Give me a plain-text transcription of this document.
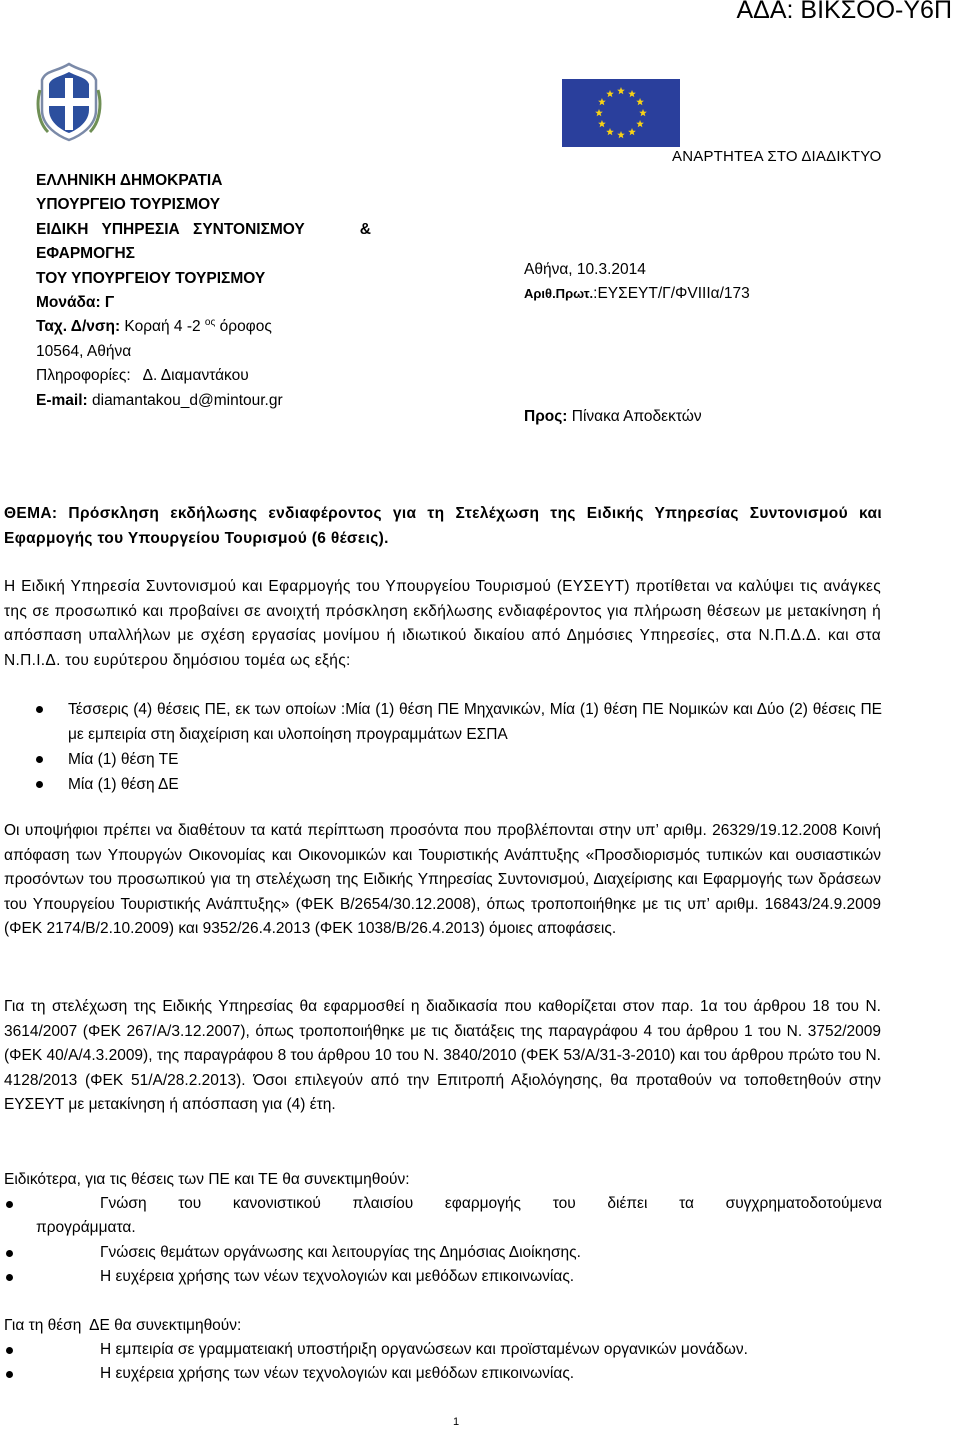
ΑΔΑ: ΒΙΚΣΟΟ-Υ6Π
ΕΛΛΗΝΙΚΗ ΔΗΜΟΚΡΑΤΙΑ
ΥΠΟΥΡΓΕΙΟ ΤΟΥΡΙΣΜΟΥ
ΕΙΔΙΚΗ ΥΠΗΡΕΣΙΑ ΣΥΝΤΟΝΙΣΜΟΥ	&
ΕΦΑΡΜΟΓΗΣ
ΤΟΥ ΥΠΟΥΡΓΕΙΟΥ ΤΟΥΡΙΣΜΟΥ
Μονάδα: Γ
Ταχ. Δ/νση: Κοραή 4 -2 $^{o\varsigma}$ όροφος
10564, Αθήνα
Πληροφορίες:   Δ. Διαμαντάκου
E-mail: diamantakou_d@mintour.gr
ΑΝΑΡΤΗΤΕΑ ΣΤΟ ΔΙΑΔΙΚΤΥΟ
Αθήνα, 10.3.2014
Αριθ.Πρωτ.:ΕΥΣΕΥΤ/Γ/ΦVIIIα/173
Προς: Πίνακα Αποδεκτών
ΘΕΜΑ: Πρόσκληση εκδήλωσης ενδιαφέροντος για τη Στελέχωση της Ειδικής Υπηρεσίας Συντονισμού και Εφαρμογής του Υπουργείου Τουρισμού (6 θέσεις).
Η Ειδική Υπηρεσία Συντονισμού και Εφαρμογής του Υπουργείου Τουρισμού (ΕΥΣΕΥΤ) προτίθεται να καλύψει τις ανάγκες της σε προσωπικό και προβαίνει σε ανοιχτή πρόσκληση εκδήλωσης ενδιαφέροντος για πλήρωση θέσεων με μετακίνηση ή απόσπαση υπαλλήλων με σχέση εργασίας μονίμου ή ιδιωτικού δικαίου από Δημόσιες Υπηρεσίες, στα Ν.Π.Δ.Δ. και στα Ν.Π.Ι.Δ. του ευρύτερου δημόσιου τομέα ως εξής:
Τέσσερις (4) θέσεις ΠΕ, εκ των οποίων :Μία (1) θέση ΠΕ Μηχανικών, Μία (1) θέση ΠΕ Νομικών και Δύο (2) θέσεις ΠΕ με εμπειρία στη διαχείριση και υλοποίηση προγραμμάτων ΕΣΠΑ
Μία (1) θέση ΤΕ
Μία (1) θέση ΔΕ
Οι υποψήφιοι πρέπει να διαθέτουν τα κατά περίπτωση προσόντα που προβλέπονται στην υπ’ αριθμ. 26329/19.12.2008 Κοινή απόφαση των Υπουργών Οικονομίας και Οικονομικών και Τουριστικής Ανάπτυξης «Προσδιορισμός τυπικών και ουσιαστικών προσόντων του προσωπικού για τη στελέχωση της Ειδικής Υπηρεσίας Συντονισμού, Διαχείρισης και Εφαρμογής των δράσεων του Υπουργείου Τουριστικής Ανάπτυξης» (ΦΕΚ Β/2654/30.12.2008), όπως τροποποιήθηκε με τις υπ’ αριθμ. 16843/24.9.2009 (ΦΕΚ 2174/Β/2.10.2009) και 9352/26.4.2013 (ΦΕΚ 1038/Β/26.4.2013) όμοιες αποφάσεις.
Για τη στελέχωση της Ειδικής Υπηρεσίας θα εφαρμοσθεί η διαδικασία που καθορίζεται στον παρ. 1α του άρθρου 18 του Ν. 3614/2007 (ΦΕΚ 267/Α/3.12.2007), όπως τροποποιήθηκε με τις διατάξεις της παραγράφου 4 του άρθρου 1 του Ν. 3752/2009 (ΦΕΚ 40/Α/4.3.2009), της παραγράφου 8 του άρθρου 10 του Ν. 3840/2010 (ΦΕΚ 53/Α/31-3-2010) και του άρθρου πρώτο του Ν. 4128/2013 (ΦΕΚ 51/Α/28.2.2013). Όσοι επιλεγούν από την Επιτροπή Αξιολόγησης, θα προταθούν να τοποθετηθούν στην ΕΥΣΕΥΤ με μετακίνηση ή απόσπαση για (4) έτη.
Ειδικότερα, για τις θέσεις των ΠΕ και ΤΕ θα συνεκτιμηθούν:
Γνώση του κανονιστικού πλαισίου εφαρμογής του διέπει τα συγχρηματοδοτούμενα προγράμματα.
Γνώσεις θεμάτων οργάνωσης και λειτουργίας της Δημόσιας Διοίκησης.
Η ευχέρεια χρήσης των νέων τεχνολογιών και μεθόδων επικοινωνίας.
Για τη θέση  ΔΕ θα συνεκτιμηθούν:
Η εμπειρία σε γραμματειακή υποστήριξη οργανώσεων και προϊσταμένων οργανικών μονάδων.
Η ευχέρεια χρήσης των νέων τεχνολογιών και μεθόδων επικοινωνίας.
1
